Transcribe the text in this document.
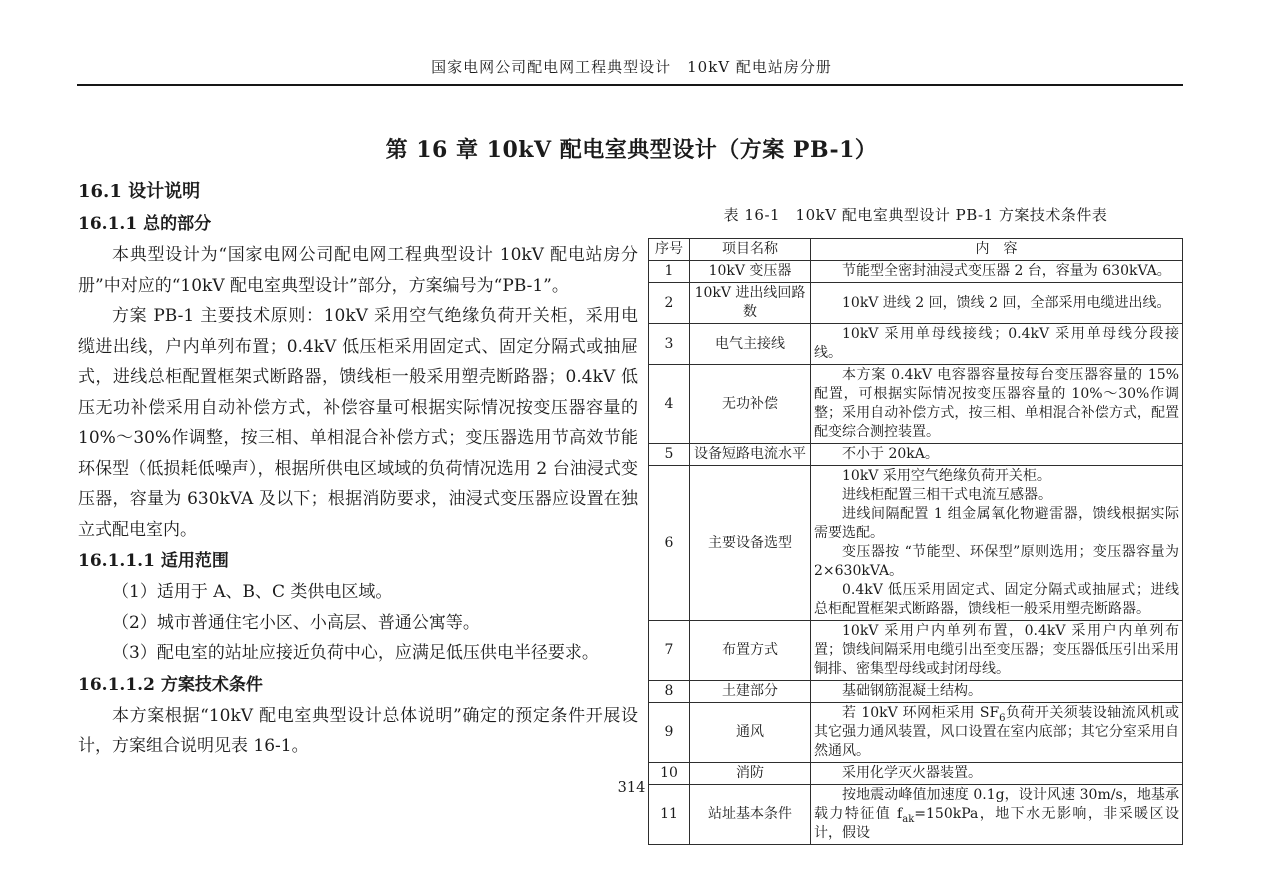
国家电网公司配电网工程典型设计　10kV 配电站房分册
第 16 章 10kV 配电室典型设计（方案 PB-1）
16.1 设计说明
16.1.1 总的部分

本典型设计为“国家电网公司配电网工程典型设计 10kV 配电站房分册”中对应的“10kV 配电室典型设计”部分，方案编号为“PB-1”。

方案 PB-1 主要技术原则：10kV 采用空气绝缘负荷开关柜，采用电缆进出线，户内单列布置；0.4kV 低压柜采用固定式、固定分隔式或抽屉式，进线总柜配置框架式断路器，馈线柜一般采用塑壳断路器；0.4kV 低压无功补偿采用自动补偿方式，补偿容量可根据实际情况按变压器容量的 10%～30%作调整，按三相、单相混合补偿方式；变压器选用节高效节能环保型（低损耗低噪声），根据所供电区域域的负荷情况选用 2 台油浸式变压器，容量为 630kVA 及以下；根据消防要求，油浸式变压器应设置在独立式配电室内。

16.1.1.1 适用范围

（1）适用于 A、B、C 类供电区域。

（2）城市普通住宅小区、小高层、普通公寓等。

（3）配电室的站址应接近负荷中心，应满足低压供电半径要求。

16.1.1.2 方案技术条件

本方案根据“10kV 配电室典型设计总体说明”确定的预定条件开展设计，方案组合说明见表 16-1。

表 16-1　10kV 配电室典型设计 PB-1 方案技术条件表
序号	项目名称	内　容
1	10kV 变压器	节能型全密封油浸式变压器 2 台，容量为 630kVA。

2	10kV 进出线回路数	10kV 进线 2 回，馈线 2 回，全部采用电缆进出线。

3	电气主接线	10kV 采用单母线接线；0.4kV 采用单母线分段接线。

4	无功补偿	本方案 0.4kV 电容器容量按每台变压器容量的 15%配置，可根据实际情况按变压器容量的 10%～30%作调整；采用自动补偿方式，按三相、单相混合补偿方式，配置配变综合测控装置。

5	设备短路电流水平	不小于 20kA。

6	主要设备选型	10kV 采用空气绝缘负荷开关柜。

进线柜配置三相干式电流互感器。

进线间隔配置 1 组金属氧化物避雷器，馈线根据实际需要选配。

变压器按 “节能型、环保型”原则选用；变压器容量为 2×630kVA。

0.4kV 低压采用固定式、固定分隔式或抽屉式；进线总柜配置框架式断路器，馈线柜一般采用塑壳断路器。

7	布置方式	10kV 采用户内单列布置，0.4kV 采用户内单列布置；馈线间隔采用电缆引出至变压器；变压器低压引出采用铜排、密集型母线或封闭母线。

8	土建部分	基础钢筋混凝土结构。

9	通风	若 10kV 环网柜采用 $SF_6$负荷开关须装设轴流风机或其它强力通风装置，风口设置在室内底部；其它分室采用自然通风。

10	消防	采用化学灭火器装置。

11	站址基本条件	按地震动峰值加速度 0.1g，设计风速 30m/s，地基承载力特征值 $f_{ak}=150kPa$，地下水无影响，非采暖区设计，假设

314
